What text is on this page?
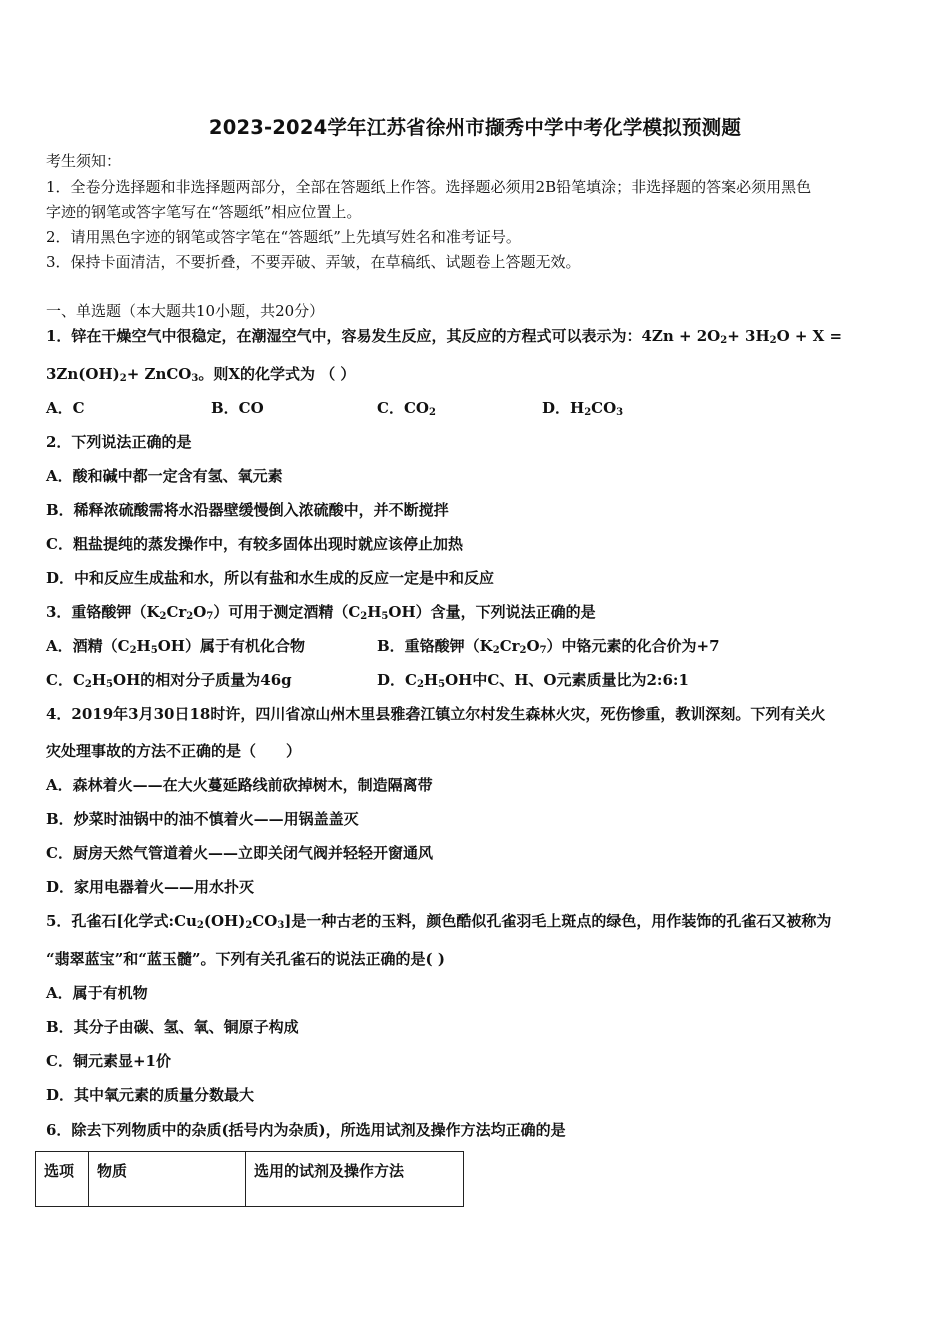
2023-2024学年江苏省徐州市撷秀中学中考化学模拟预测题
考生须知：
1．全卷分选择题和非选择题两部分，全部在答题纸上作答。选择题必须用2B铅笔填涂；非选择题的答案必须用黑色
字迹的钢笔或答字笔写在“答题纸”相应位置上。
2．请用黑色字迹的钢笔或答字笔在“答题纸”上先填写姓名和准考证号。
3．保持卡面清洁，不要折叠，不要弄破、弄皱，在草稿纸、试题卷上答题无效。
一、单选题（本大题共10小题，共20分）
1．锌在干燥空气中很稳定，在潮湿空气中，容易发生反应，其反应的方程式可以表示为：$4Zn + 2O_2+ 3H_2O + X$ =
$3Zn(OH)_2+$ ZnCO$_3$。则X的化学式为 （ ）
A．C	B．CO	C．$CO_2$	D．$H_2CO_3$
2．下列说法正确的是
A．酸和碱中都一定含有氢、氧元素
B．稀释浓硫酸需将水沿器壁缓慢倒入浓硫酸中，并不断搅拌
C．粗盐提纯的蒸发操作中，有较多固体出现时就应该停止加热
D．中和反应生成盐和水，所以有盐和水生成的反应一定是中和反应
3．重铬酸钾$(K_2Cr_2O_7)$可用于测定酒精$(C_2H_5OH)$含量，下列说法正确的是
A．酒精$(C_2H_5OH)$属于有机化合物	B．重铬酸钾$(K_2Cr_2O_7)$中铬元素的化合价为+7
C．$C_2H_5OH$的相对分子质量为46g	D．$C_2H_5OH$中C、H、O元素质量比为2:6:1
4．2019年3月30日18时许，四川省凉山州木里县雅砻江镇立尔村发生森林火灾，死伤惨重，教训深刻。下列有关火
灾处理事故的方法不正确的是（　　）
A．森林着火——在大火蔓延路线前砍掉树木，制造隔离带
B．炒菜时油锅中的油不慎着火——用锅盖盖灭
C．厨房天然气管道着火——立即关闭气阀并轻轻开窗通风
D．家用电器着火——用水扑灭
5．孔雀石[化学式$:Cu_2(OH)_2CO_3$]是一种古老的玉料，颜色酷似孔雀羽毛上斑点的绿色，用作装饰的孔雀石又被称为
“翡翠蓝宝”和“蓝玉髓”。下列有关孔雀石的说法正确的是( )
A．属于有机物
B．其分子由碳、氢、氧、铜原子构成
C．铜元素显+1价
D．其中氧元素的质量分数最大
6．除去下列物质中的杂质(括号内为杂质)，所选用试剂及操作方法均正确的是
选项	物质	选用的试剂及操作方法
